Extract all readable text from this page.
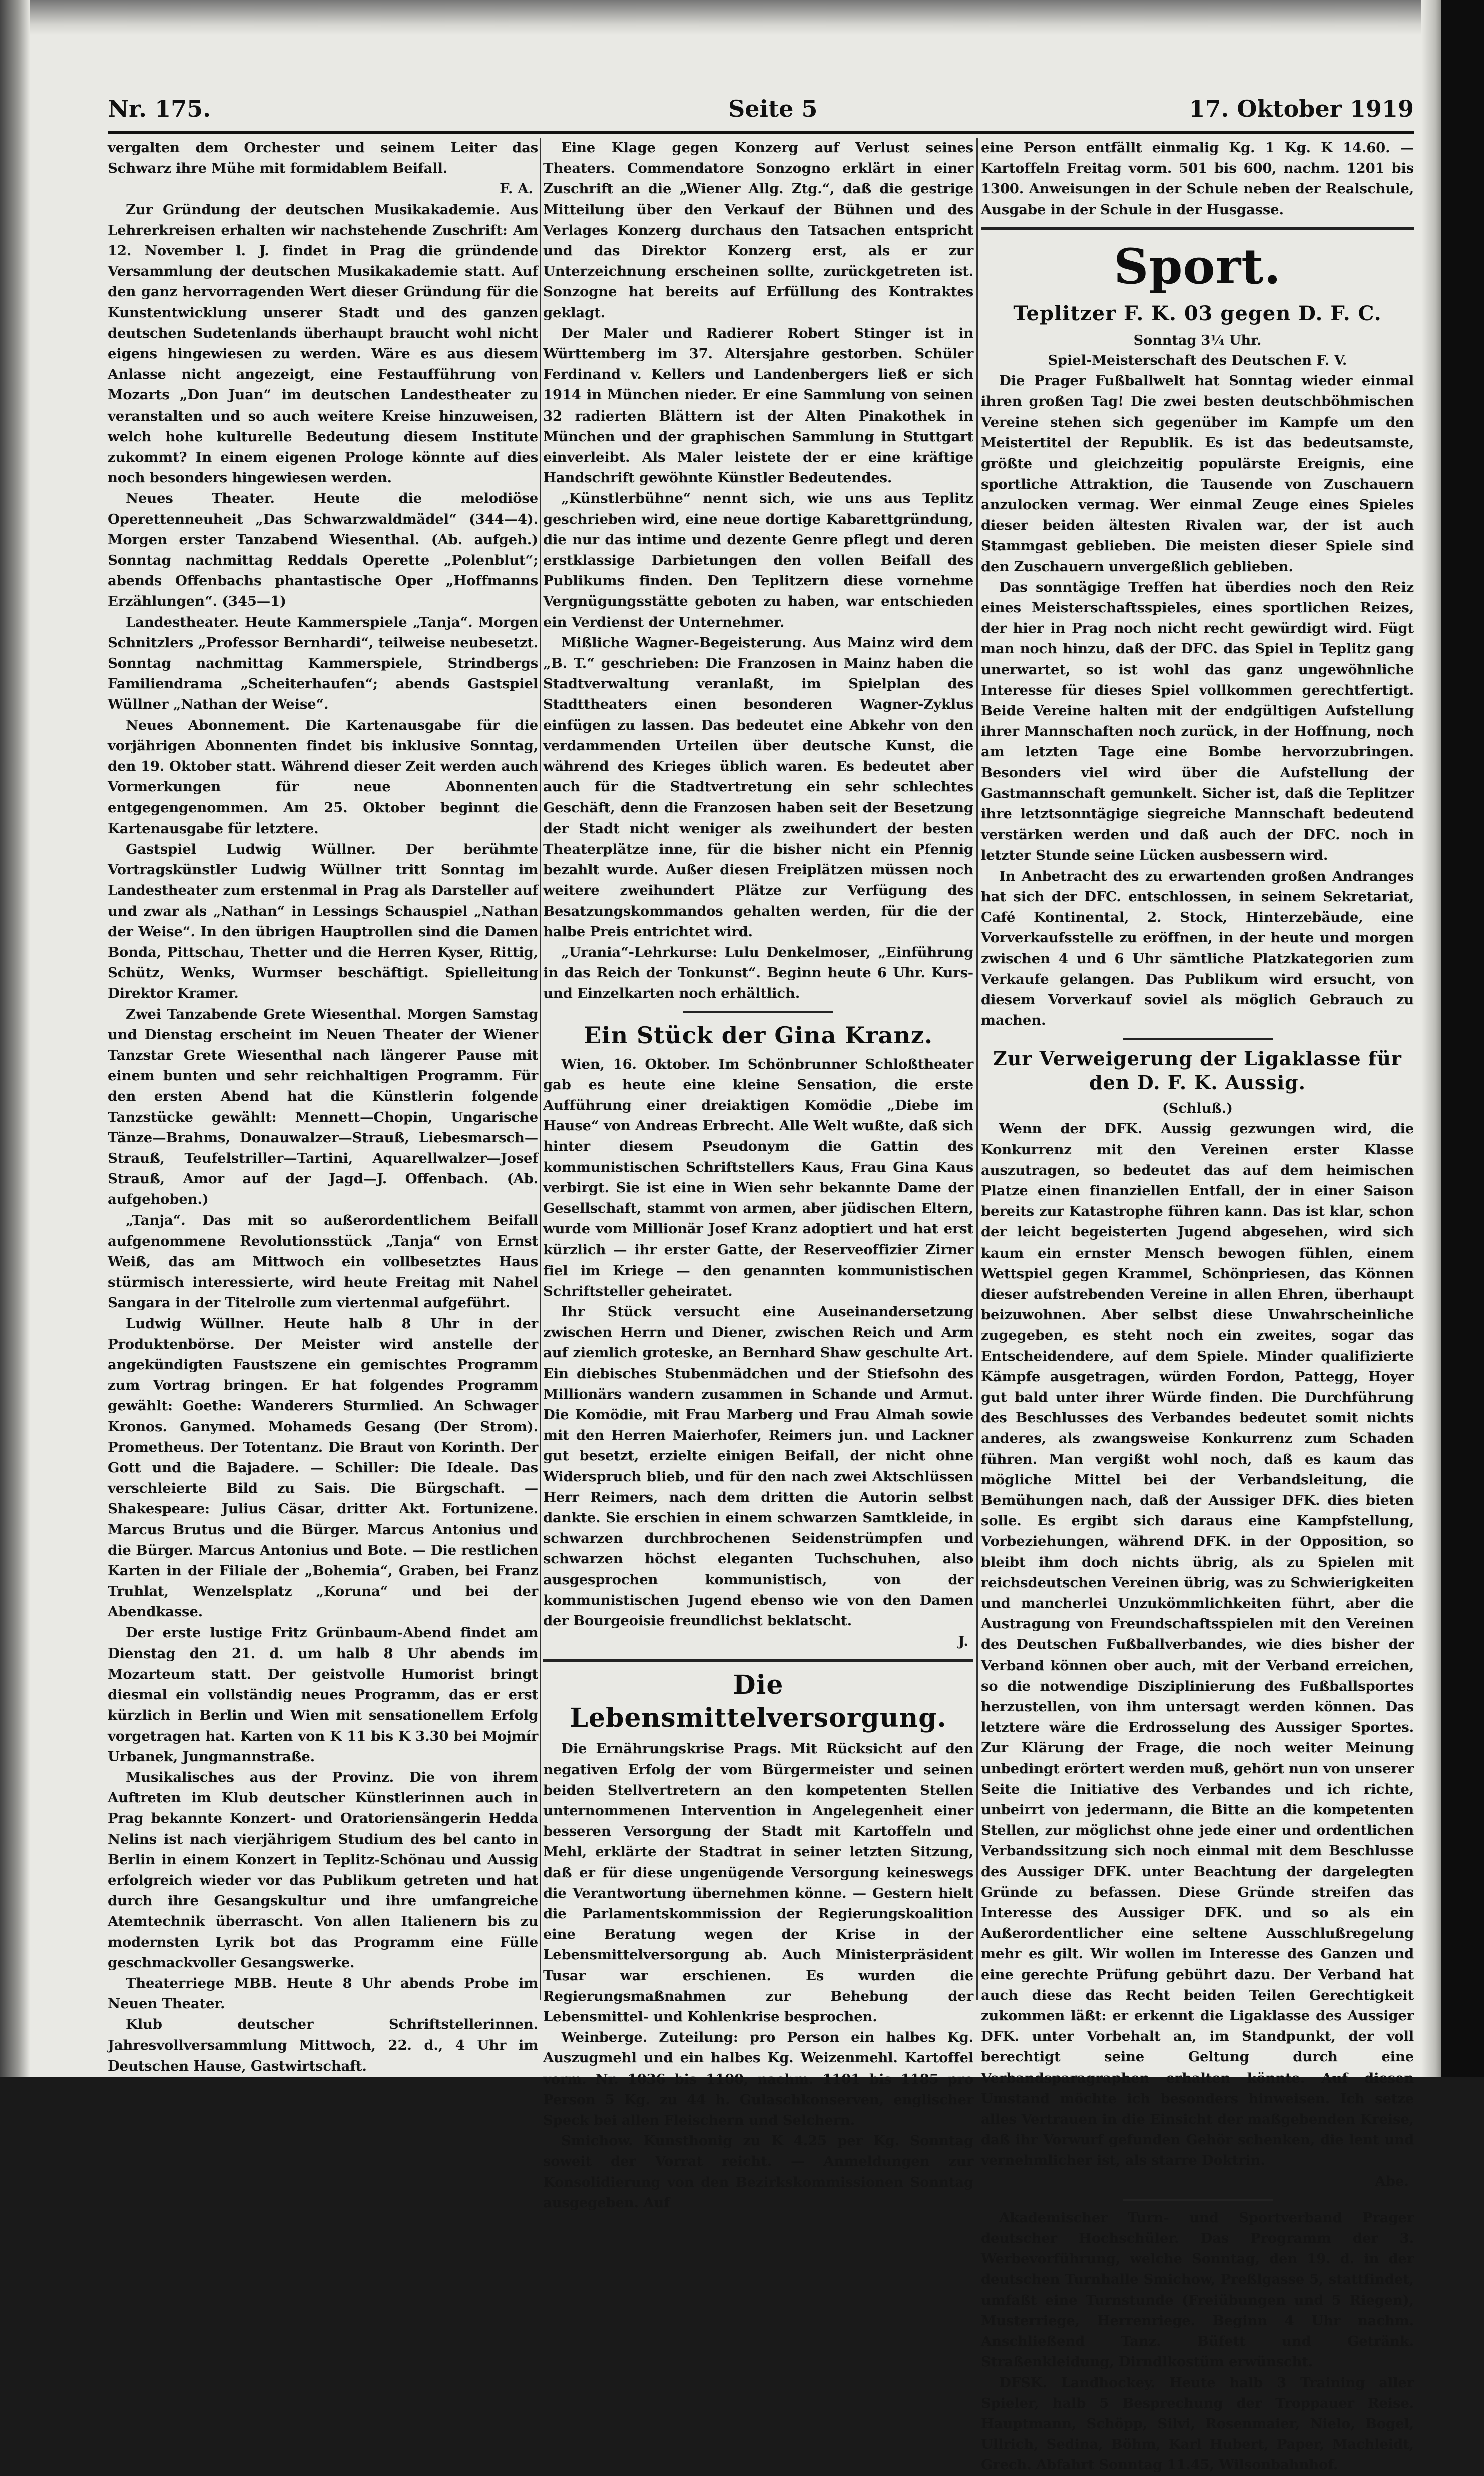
Nr. 175.	Seite 5	17. Oktober 1919

vergalten dem Orchester und seinem Leiter das Schwarz ihre Mühe mit formidablem Beifall.

F. A.

Zur Gründung der deutschen Musikakademie. Aus Lehrerkreisen erhalten wir nachstehende Zuschrift: Am 12. November l. J. findet in Prag die gründende Versammlung der deutschen Musikakademie statt. Auf den ganz hervorragenden Wert dieser Gründung für die Kunstentwicklung unserer Stadt und des ganzen deutschen Sudetenlands überhaupt braucht wohl nicht eigens hingewiesen zu werden. Wäre es aus diesem Anlasse nicht angezeigt, eine Festaufführung von Mozarts „Don Juan“ im deutschen Landestheater zu veranstalten und so auch weitere Kreise hinzuweisen, welch hohe kulturelle Bedeutung diesem Institute zukommt? In einem eigenen Prologe könnte auf dies noch besonders hingewiesen werden.

Neues Theater. Heute die melodiöse Operettenneuheit „Das Schwarzwaldmädel“ (344—4). Morgen erster Tanzabend Wiesenthal. (Ab. aufgeh.) Sonntag nachmittag Reddals Operette „Polenblut“; abends Offenbachs phantastische Oper „Hoffmanns Erzählungen“. (345—1)

Landestheater. Heute Kammerspiele „Tanja“. Morgen Schnitzlers „Professor Bernhardi“, teilweise neubesetzt. Sonntag nachmittag Kammerspiele, Strindbergs Familiendrama „Scheiterhaufen“; abends Gastspiel Wüllner „Nathan der Weise“.

Neues Abonnement. Die Kartenausgabe für die vorjährigen Abonnenten findet bis inklusive Sonntag, den 19. Oktober statt. Während dieser Zeit werden auch Vormerkungen für neue Abonnenten entgegengenommen. Am 25. Oktober beginnt die Kartenausgabe für letztere.

Gastspiel Ludwig Wüllner. Der berühmte Vortragskünstler Ludwig Wüllner tritt Sonntag im Landestheater zum erstenmal in Prag als Darsteller auf und zwar als „Nathan“ in Lessings Schauspiel „Nathan der Weise“. In den übrigen Hauptrollen sind die Damen Bonda, Pittschau, Thetter und die Herren Kyser, Rittig, Schütz, Wenks, Wurmser beschäftigt. Spielleitung Direktor Kramer.

Zwei Tanzabende Grete Wiesenthal. Morgen Samstag und Dienstag erscheint im Neuen Theater der Wiener Tanzstar Grete Wiesenthal nach längerer Pause mit einem bunten und sehr reichhaltigen Programm. Für den ersten Abend hat die Künstlerin folgende Tanzstücke gewählt: Mennett—Chopin, Ungarische Tänze—Brahms, Donauwalzer—Strauß, Liebesmarsch—Strauß, Teufelstriller—Tartini, Aquarellwalzer—Josef Strauß, Amor auf der Jagd—J. Offenbach. (Ab. aufgehoben.)

„Tanja“. Das mit so außerordentlichem Beifall aufgenommene Revolutionsstück „Tanja“ von Ernst Weiß, das am Mittwoch ein vollbesetztes Haus stürmisch interessierte, wird heute Freitag mit Nahel Sangara in der Titelrolle zum viertenmal aufgeführt.

Ludwig Wüllner. Heute halb 8 Uhr in der Produktenbörse. Der Meister wird anstelle der angekündigten Faustszene ein gemischtes Programm zum Vortrag bringen. Er hat folgendes Programm gewählt: Goethe: Wanderers Sturmlied. An Schwager Kronos. Ganymed. Mohameds Gesang (Der Strom). Prometheus. Der Totentanz. Die Braut von Korinth. Der Gott und die Bajadere. — Schiller: Die Ideale. Das verschleierte Bild zu Sais. Die Bürgschaft. — Shakespeare: Julius Cäsar, dritter Akt. Fortunizene. Marcus Brutus und die Bürger. Marcus Antonius und die Bürger. Marcus Antonius und Bote. — Die restlichen Karten in der Filiale der „Bohemia“, Graben, bei Franz Truhlat, Wenzelsplatz „Koruna“ und bei der Abendkasse.

Der erste lustige Fritz Grünbaum-Abend findet am Dienstag den 21. d. um halb 8 Uhr abends im Mozarteum statt. Der geistvolle Humorist bringt diesmal ein vollständig neues Programm, das er erst kürzlich in Berlin und Wien mit sensationellem Erfolg vorgetragen hat. Karten von K 11 bis K 3.30 bei Mojmír Urbanek, Jungmannstraße.

Musikalisches aus der Provinz. Die von ihrem Auftreten im Klub deutscher Künstlerinnen auch in Prag bekannte Konzert- und Oratoriensängerin Hedda Nelins ist nach vierjährigem Studium des bel canto in Berlin in einem Konzert in Teplitz-Schönau und Aussig erfolgreich wieder vor das Publikum getreten und hat durch ihre Gesangskultur und ihre umfangreiche Atemtechnik überrascht. Von allen Italienern bis zu modernsten Lyrik bot das Programm eine Fülle geschmackvoller Gesangswerke.

Theaterriege MBB. Heute 8 Uhr abends Probe im Neuen Theater.

Klub deutscher Schriftstellerinnen. Jahresvollversammlung Mittwoch, 22. d., 4 Uhr im Deutschen Hause, Gastwirtschaft.

Eine Klage gegen Konzerg auf Verlust seines Theaters. Commendatore Sonzogno erklärt in einer Zuschrift an die „Wiener Allg. Ztg.“, daß die gestrige Mitteilung über den Verkauf der Bühnen und des Verlages Konzerg durchaus den Tatsachen entspricht und das Direktor Konzerg erst, als er zur Unterzeichnung erscheinen sollte, zurückgetreten ist. Sonzogne hat bereits auf Erfüllung des Kontraktes geklagt.

Der Maler und Radierer Robert Stinger ist in Württemberg im 37. Altersjahre gestorben. Schüler Ferdinand v. Kellers und Landenbergers ließ er sich 1914 in München nieder. Er eine Sammlung von seinen 32 radierten Blättern ist der Alten Pinakothek in München und der graphischen Sammlung in Stuttgart einverleibt. Als Maler leistete der er eine kräftige Handschrift gewöhnte Künstler Bedeutendes.

„Künstlerbühne“ nennt sich, wie uns aus Teplitz geschrieben wird, eine neue dortige Kabarettgründung, die nur das intime und dezente Genre pflegt und deren erstklassige Darbietungen den vollen Beifall des Publikums finden. Den Teplitzern diese vornehme Vergnügungsstätte geboten zu haben, war entschieden ein Verdienst der Unternehmer.

Mißliche Wagner-Begeisterung. Aus Mainz wird dem „B. T.“ geschrieben: Die Franzosen in Mainz haben die Stadtverwaltung veranlaßt, im Spielplan des Stadttheaters einen besonderen Wagner-Zyklus einfügen zu lassen. Das bedeutet eine Abkehr von den verdammenden Urteilen über deutsche Kunst, die während des Krieges üblich waren. Es bedeutet aber auch für die Stadtvertretung ein sehr schlechtes Geschäft, denn die Franzosen haben seit der Besetzung der Stadt nicht weniger als zweihundert der besten Theaterplätze inne, für die bisher nicht ein Pfennig bezahlt wurde. Außer diesen Freiplätzen müssen noch weitere zweihundert Plätze zur Verfügung des Besatzungskommandos gehalten werden, für die der halbe Preis entrichtet wird.

„Urania“-Lehrkurse: Lulu Denkelmoser, „Einführung in das Reich der Tonkunst“. Beginn heute 6 Uhr. Kurs- und Einzelkarten noch erhältlich.

Ein Stück der Gina Kranz.

Wien, 16. Oktober. Im Schönbrunner Schloßtheater gab es heute eine kleine Sensation, die erste Aufführung einer dreiaktigen Komödie „Diebe im Hause“ von Andreas Erbrecht. Alle Welt wußte, daß sich hinter diesem Pseudonym die Gattin des kommunistischen Schriftstellers Kaus, Frau Gina Kaus verbirgt. Sie ist eine in Wien sehr bekannte Dame der Gesellschaft, stammt von armen, aber jüdischen Eltern, wurde vom Millionär Josef Kranz adoptiert und hat erst kürzlich — ihr erster Gatte, der Reserveoffizier Zirner fiel im Kriege — den genannten kommunistischen Schriftsteller geheiratet.

Ihr Stück versucht eine Auseinandersetzung zwischen Herrn und Diener, zwischen Reich und Arm auf ziemlich groteske, an Bernhard Shaw geschulte Art. Ein diebisches Stubenmädchen und der Stiefsohn des Millionärs wandern zusammen in Schande und Armut. Die Komödie, mit Frau Marberg und Frau Almah sowie mit den Herren Maierhofer, Reimers jun. und Lackner gut besetzt, erzielte einigen Beifall, der nicht ohne Widerspruch blieb, und für den nach zwei Aktschlüssen Herr Reimers, nach dem dritten die Autorin selbst dankte. Sie erschien in einem schwarzen Samtkleide, in schwarzen durchbrochenen Seidenstrümpfen und schwarzen höchst eleganten Tuchschuhen, also ausgesprochen kommunistisch, von der kommunistischen Jugend ebenso wie von den Damen der Bourgeoisie freundlichst beklatscht.

J.

Die Lebensmittelversorgung.

Die Ernährungskrise Prags. Mit Rücksicht auf den negativen Erfolg der vom Bürgermeister und seinen beiden Stellvertretern an den kompetenten Stellen unternommenen Intervention in Angelegenheit einer besseren Versorgung der Stadt mit Kartoffeln und Mehl, erklärte der Stadtrat in seiner letzten Sitzung, daß er für diese ungenügende Versorgung keineswegs die Verantwortung übernehmen könne. — Gestern hielt die Parlamentskommission der Regierungskoalition eine Beratung wegen der Krise in der Lebensmittelversorgung ab. Auch Ministerpräsident Tusar war erschienen. Es wurden die Regierungsmaßnahmen zur Behebung der Lebensmittel- und Kohlenkrise besprochen.

Weinberge. Zuteilung: pro Person ein halbes Kg. Auszugmehl und ein halbes Kg. Weizenmehl. Kartoffel vorm. Nr. 1036 bis 1100, nachm. 1101 bis 1185 pro Person 5 Kg. zu 44 h. Gulaschkonserven, englischer Speck bei allen Fleischern und Selchern.

Smichow. Kunsthonig zu K 4.25 per Kg. Sonntag soweit der Vorrat reicht. — Anmeldungen zur Konsolidierung von den Bezirkskommissionen Sonntag ausgegeben. Auf

eine Person entfällt einmalig Kg. 1 Kg. K 14.60. — Kartoffeln Freitag vorm. 501 bis 600, nachm. 1201 bis 1300. Anweisungen in der Schule neben der Realschule, Ausgabe in der Schule in der Husgasse.

Sport.
Teplitzer F. K. 03 gegen D. F. C.

Sonntag 3¼ Uhr.

Spiel-Meisterschaft des Deutschen F. V.

Die Prager Fußballwelt hat Sonntag wieder einmal ihren großen Tag! Die zwei besten deutschböhmischen Vereine stehen sich gegenüber im Kampfe um den Meistertitel der Republik. Es ist das bedeutsamste, größte und gleichzeitig populärste Ereignis, eine sportliche Attraktion, die Tausende von Zuschauern anzulocken vermag. Wer einmal Zeuge eines Spieles dieser beiden ältesten Rivalen war, der ist auch Stammgast geblieben. Die meisten dieser Spiele sind den Zuschauern unvergeßlich geblieben.

Das sonntägige Treffen hat überdies noch den Reiz eines Meisterschaftsspieles, eines sportlichen Reizes, der hier in Prag noch nicht recht gewürdigt wird. Fügt man noch hinzu, daß der DFC. das Spiel in Teplitz gang unerwartet, so ist wohl das ganz ungewöhnliche Interesse für dieses Spiel vollkommen gerechtfertigt. Beide Vereine halten mit der endgültigen Aufstellung ihrer Mannschaften noch zurück, in der Hoffnung, noch am letzten Tage eine Bombe hervorzubringen. Besonders viel wird über die Aufstellung der Gastmannschaft gemunkelt. Sicher ist, daß die Teplitzer ihre letztsonntägige siegreiche Mannschaft bedeutend verstärken werden und daß auch der DFC. noch in letzter Stunde seine Lücken ausbessern wird.

In Anbetracht des zu erwartenden großen Andranges hat sich der DFC. entschlossen, in seinem Sekretariat, Café Kontinental, 2. Stock, Hinterzebäude, eine Vorverkaufsstelle zu eröffnen, in der heute und morgen zwischen 4 und 6 Uhr sämtliche Platzkategorien zum Verkaufe gelangen. Das Publikum wird ersucht, von diesem Vorverkauf soviel als möglich Gebrauch zu machen.

Zur Verweigerung der Ligaklasse für den D. F. K. Aussig.

(Schluß.)

Wenn der DFK. Aussig gezwungen wird, die Konkurrenz mit den Vereinen erster Klasse auszutragen, so bedeutet das auf dem heimischen Platze einen finanziellen Entfall, der in einer Saison bereits zur Katastrophe führen kann. Das ist klar, schon der leicht begeisterten Jugend abgesehen, wird sich kaum ein ernster Mensch bewogen fühlen, einem Wettspiel gegen Krammel, Schönpriesen, das Können dieser aufstrebenden Vereine in allen Ehren, überhaupt beizuwohnen. Aber selbst diese Unwahrscheinliche zugegeben, es steht noch ein zweites, sogar das Entscheidendere, auf dem Spiele. Minder qualifizierte Kämpfe ausgetragen, würden Fordon, Pattegg, Hoyer gut bald unter ihrer Würde finden. Die Durchführung des Beschlusses des Verbandes bedeutet somit nichts anderes, als zwangsweise Konkurrenz zum Schaden führen. Man vergißt wohl noch, daß es kaum das mögliche Mittel bei der Verbandsleitung, die Bemühungen nach, daß der Aussiger DFK. dies bieten solle. Es ergibt sich daraus eine Kampfstellung, Vorbeziehungen, während DFK. in der Opposition, so bleibt ihm doch nichts übrig, als zu Spielen mit reichsdeutschen Vereinen übrig, was zu Schwierigkeiten und mancherlei Unzukömmlichkeiten führt, aber die Austragung von Freundschaftsspielen mit den Vereinen des Deutschen Fußballverbandes, wie dies bisher der Verband können ober auch, mit der Verband erreichen, so die notwendige Disziplinierung des Fußballsportes herzustellen, von ihm untersagt werden können. Das letztere wäre die Erdrosselung des Aussiger Sportes. Zur Klärung der Frage, die noch weiter Meinung unbedingt erörtert werden muß, gehört nun von unserer Seite die Initiative des Verbandes und ich richte, unbeirrt von jedermann, die Bitte an die kompetenten Stellen, zur möglichst ohne jede einer und ordentlichen Verbandssitzung sich noch einmal mit dem Beschlusse des Aussiger DFK. unter Beachtung der dargelegten Gründe zu befassen. Diese Gründe streifen das Interesse des Aussiger DFK. und so als ein Außerordentlicher eine seltene Ausschlußregelung mehr es gilt. Wir wollen im Interesse des Ganzen und eine gerechte Prüfung gebührt dazu. Der Verband hat auch diese das Recht beiden Teilen Gerechtigkeit zukommen läßt: er erkennt die Ligaklasse des Aussiger DFK. unter Vorbehalt an, im Standpunkt, der voll berechtigt seine Geltung durch eine Verbandsparagraphen erhalten könnte. Auf diesen Umstand möchte ich besonders hinweisen. Ich setze alles Vertrauen in die Einsicht der maßgebenden Kreise, daß ihr Vorwurf gefunden Gehör schenken, die lent und vernehmlicher ist, als starre Doktrin.

Abe.

Akademischer Turn- und Sportverband Prager deutscher Hochschüler. Das Programm der 3. Werbevorführung, welche Sonntag, den 19. d. in der deutschen Turnhalle Smichow, Preßlgasse 5, stattfindet, umfaßt eine Turnstunde (Freiübungen und 5 Riegen), Musterriege, Herrenriege. Beginn 4 Uhr nachm. Anschließend Tanz. Büfett und Getränk. Straßenkleidung, Dirndlkostüm erwünscht.

DFSK. Landhockey. Heute halb 3 Training aller Spieler, halb 5 Besprechung der Troppauer Reise. Hauptmann, Schöpp, Silvi, Rosenmaier, Nielo, Bogel, Ullrich, Sedina, Böhm, Karl Hubert, Paper, Machleidt, Grech. Abfahrt Sonntag 11.45, Wilsonbahnhof.
